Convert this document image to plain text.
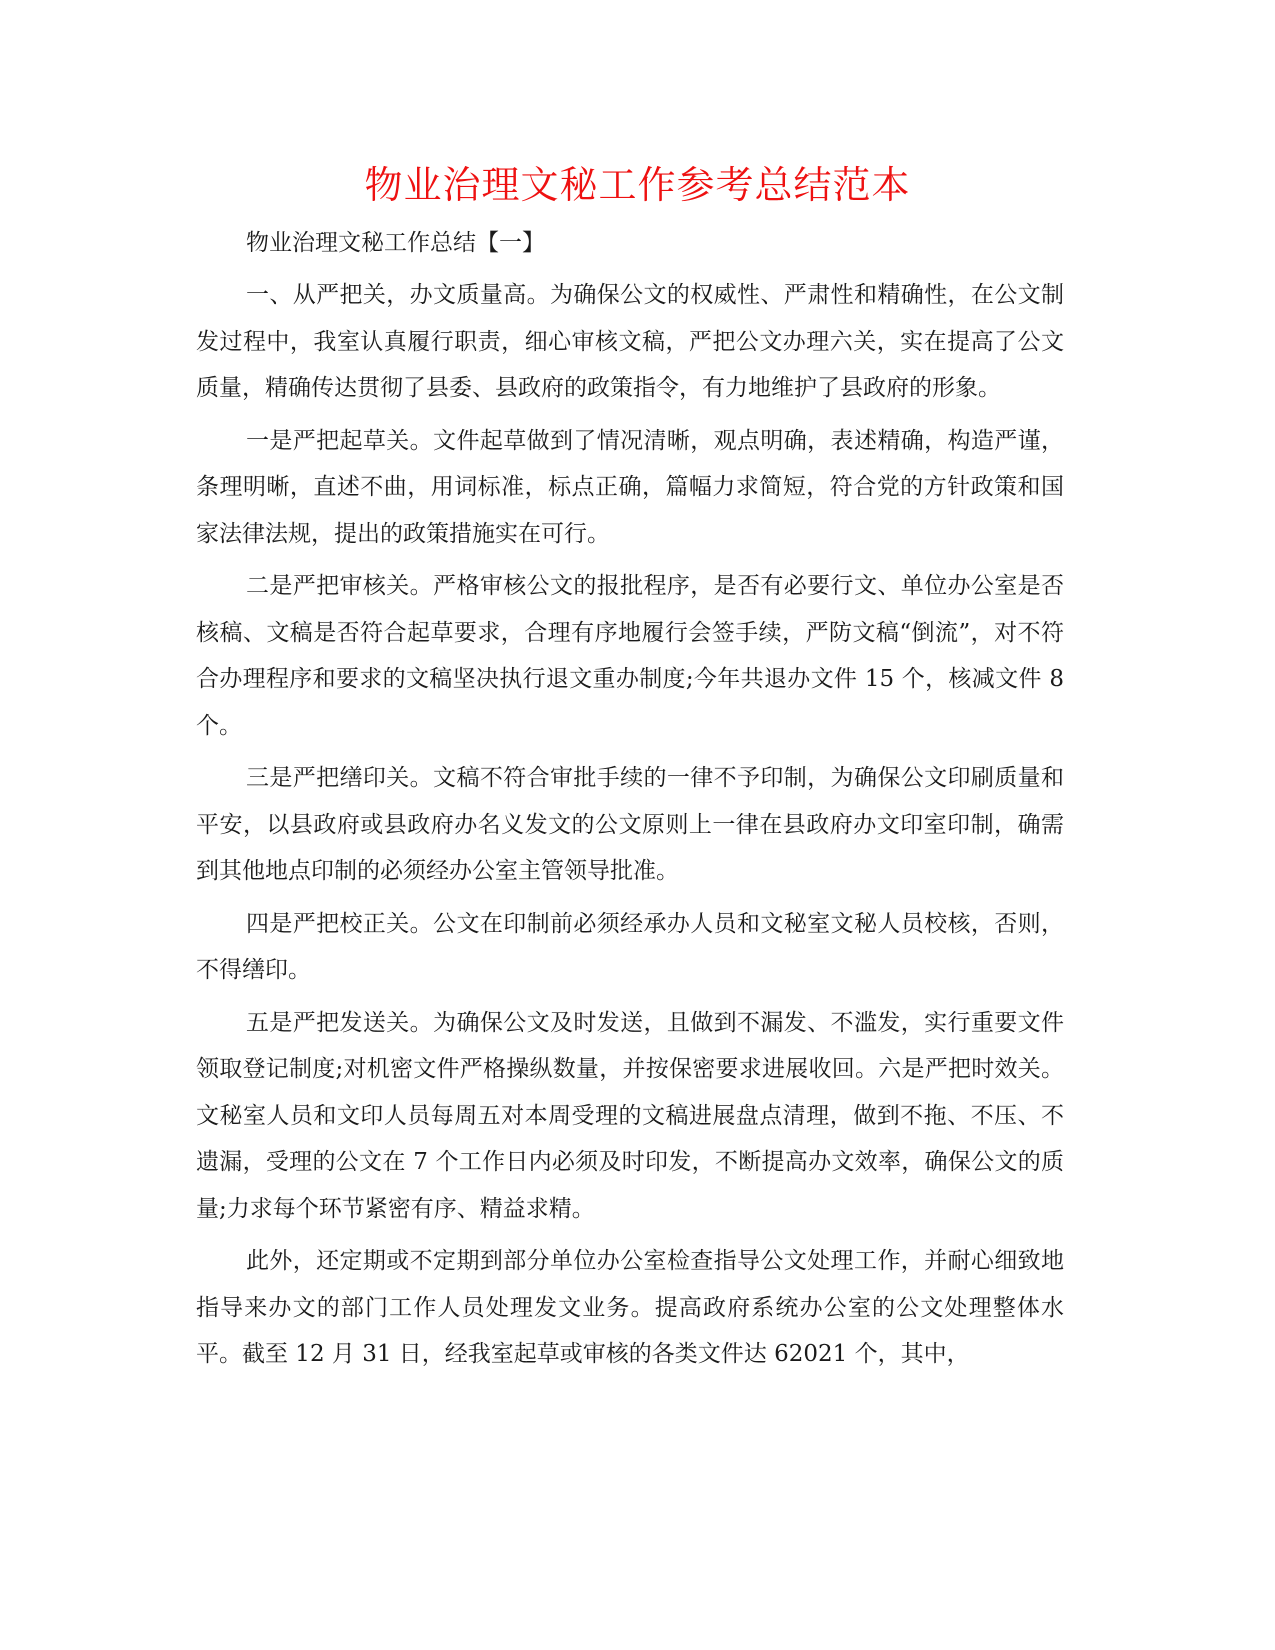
物业治理文秘工作参考总结范本

物业治理文秘工作总结【一】

一、从严把关，办文质量高。为确保公文的权威性、严肃性和精确性，在公文制发过程中，我室认真履行职责，细心审核文稿，严把公文办理六关，实在提高了公文质量，精确传达贯彻了县委、县政府的政策指令，有力地维护了县政府的形象。

一是严把起草关。文件起草做到了情况清晰，观点明确，表述精确，构造严谨，条理明晰，直述不曲，用词标准，标点正确，篇幅力求简短，符合党的方针政策和国家法律法规，提出的政策措施实在可行。

二是严把审核关。严格审核公文的报批程序，是否有必要行文、单位办公室是否核稿、文稿是否符合起草要求，合理有序地履行会签手续，严防文稿“倒流”，对不符合办理程序和要求的文稿坚决执行退文重办制度;今年共退办文件 15 个，核减文件 8 个。

三是严把缮印关。文稿不符合审批手续的一律不予印制，为确保公文印刷质量和平安，以县政府或县政府办名义发文的公文原则上一律在县政府办文印室印制，确需到其他地点印制的必须经办公室主管领导批准。

四是严把校正关。公文在印制前必须经承办人员和文秘室文秘人员校核，否则，不得缮印。

五是严把发送关。为确保公文及时发送，且做到不漏发、不滥发，实行重要文件领取登记制度;对机密文件严格操纵数量，并按保密要求进展收回。六是严把时效关。文秘室人员和文印人员每周五对本周受理的文稿进展盘点清理，做到不拖、不压、不遗漏，受理的公文在 7 个工作日内必须及时印发，不断提高办文效率，确保公文的质量;力求每个环节紧密有序、精益求精。

此外，还定期或不定期到部分单位办公室检查指导公文处理工作，并耐心细致地指导来办文的部门工作人员处理发文业务。提高政府系统办公室的公文处理整体水平。截至 12 月 31 日，经我室起草或审核的各类文件达 62021 个，其中，
